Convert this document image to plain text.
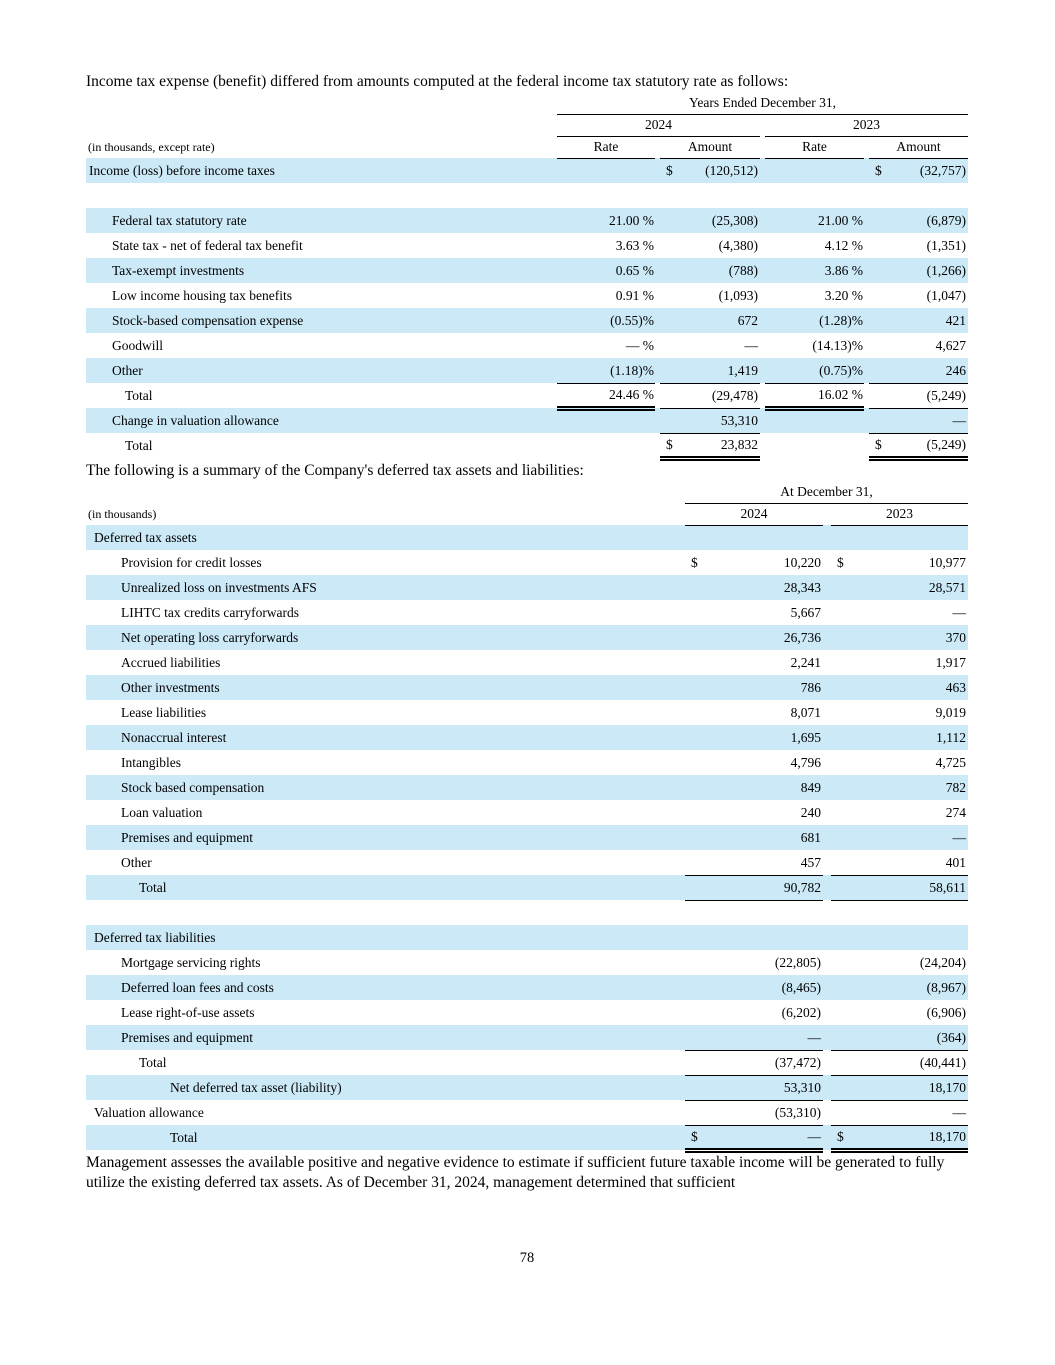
Income tax expense (benefit) differed from amounts computed at the federal income tax statutory rate as follows:

	Years Ended December 31,						
	2024				2023		
(in thousands, except rate)	Rate		Amount		Rate		Amount
Income (loss) before income taxes			$ (120,512)				$ (32,757)

Federal tax statutory rate	21.00 %		(25,308)		21.00 %		(6,879)

State tax - net of federal tax benefit	3.63 %		(4,380)		4.12 %		(1,351)

Tax-exempt investments	0.65 %		(788)		3.86 %		(1,266)

Low income housing tax benefits	0.91 %		(1,093)		3.20 %		(1,047)

Stock-based compensation expense	(0.55)%		672		(1.28)%		421

Goodwill	— %		—		(14.13)%		4,627

Other	(1.18)%		1,419		(0.75)%		246

Total	24.46 %		(29,478)		16.02 %		(5,249)

Change in valuation allowance			53,310				—

Total			$ 23,832				$ (5,249)

The following is a summary of the Company's deferred tax assets and liabilities:

	At December 31,		
(in thousands)	2024		2023
Deferred tax assets			
Provision for credit losses	$ 10,220		$ 10,977

Unrealized loss on investments AFS	28,343		28,571

LIHTC tax credits carryforwards	5,667		—

Net operating loss carryforwards	26,736		370

Accrued liabilities	2,241		1,917

Other investments	786		463

Lease liabilities	8,071		9,019

Nonaccrual interest	1,695		1,112

Intangibles	4,796		4,725

Stock based compensation	849		782

Loan valuation	240		274

Premises and equipment	681		—

Other	457		401

Total	90,782		58,611

Deferred tax liabilities			
Mortgage servicing rights	(22,805)		(24,204)

Deferred loan fees and costs	(8,465)		(8,967)

Lease right-of-use assets	(6,202)		(6,906)

Premises and equipment	—		(364)

Total	(37,472)		(40,441)

Net deferred tax asset (liability)	53,310		18,170

Valuation allowance	(53,310)		—

Total	$ —		$ 18,170

Management assesses the available positive and negative evidence to estimate if sufficient future taxable income will be generated to fully utilize the existing deferred tax assets. As of December 31, 2024, management determined that sufficient

78
